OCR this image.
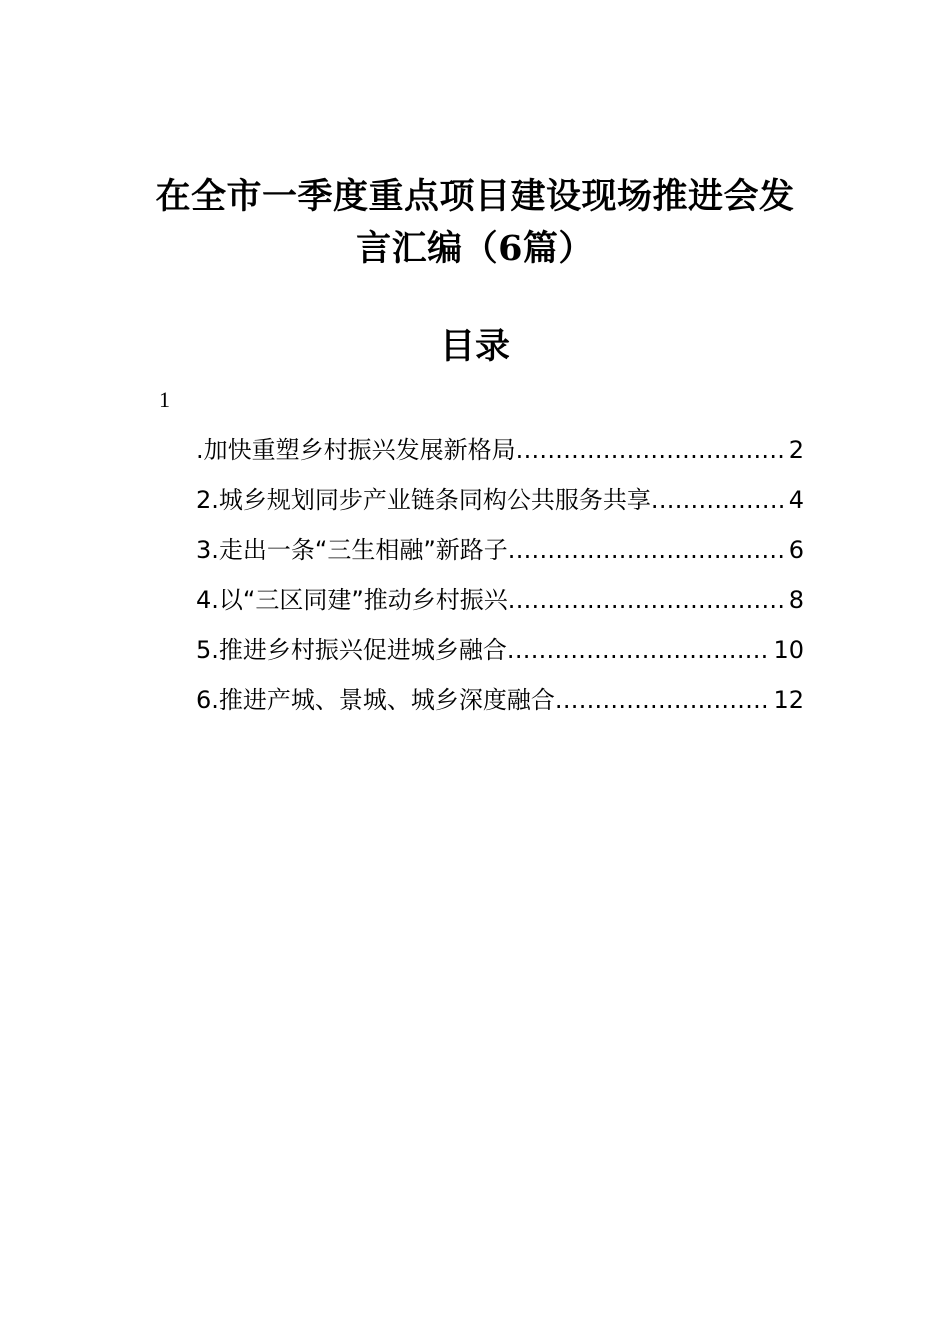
在全市一季度重点项目建设现场推进会发
言汇编（6篇）
目录
1
.加快重塑乡村振兴发展新格局 .....	2
2.城乡规划同步产业链条同构公共服务共享 .....	4
3.走出一条“三生相融”新路子 .....	6
4.以“三区同建”推动乡村振兴 .....	8
5.推进乡村振兴促进城乡融合 .....	10
6.推进产城、景城、城乡深度融合 .....	12
